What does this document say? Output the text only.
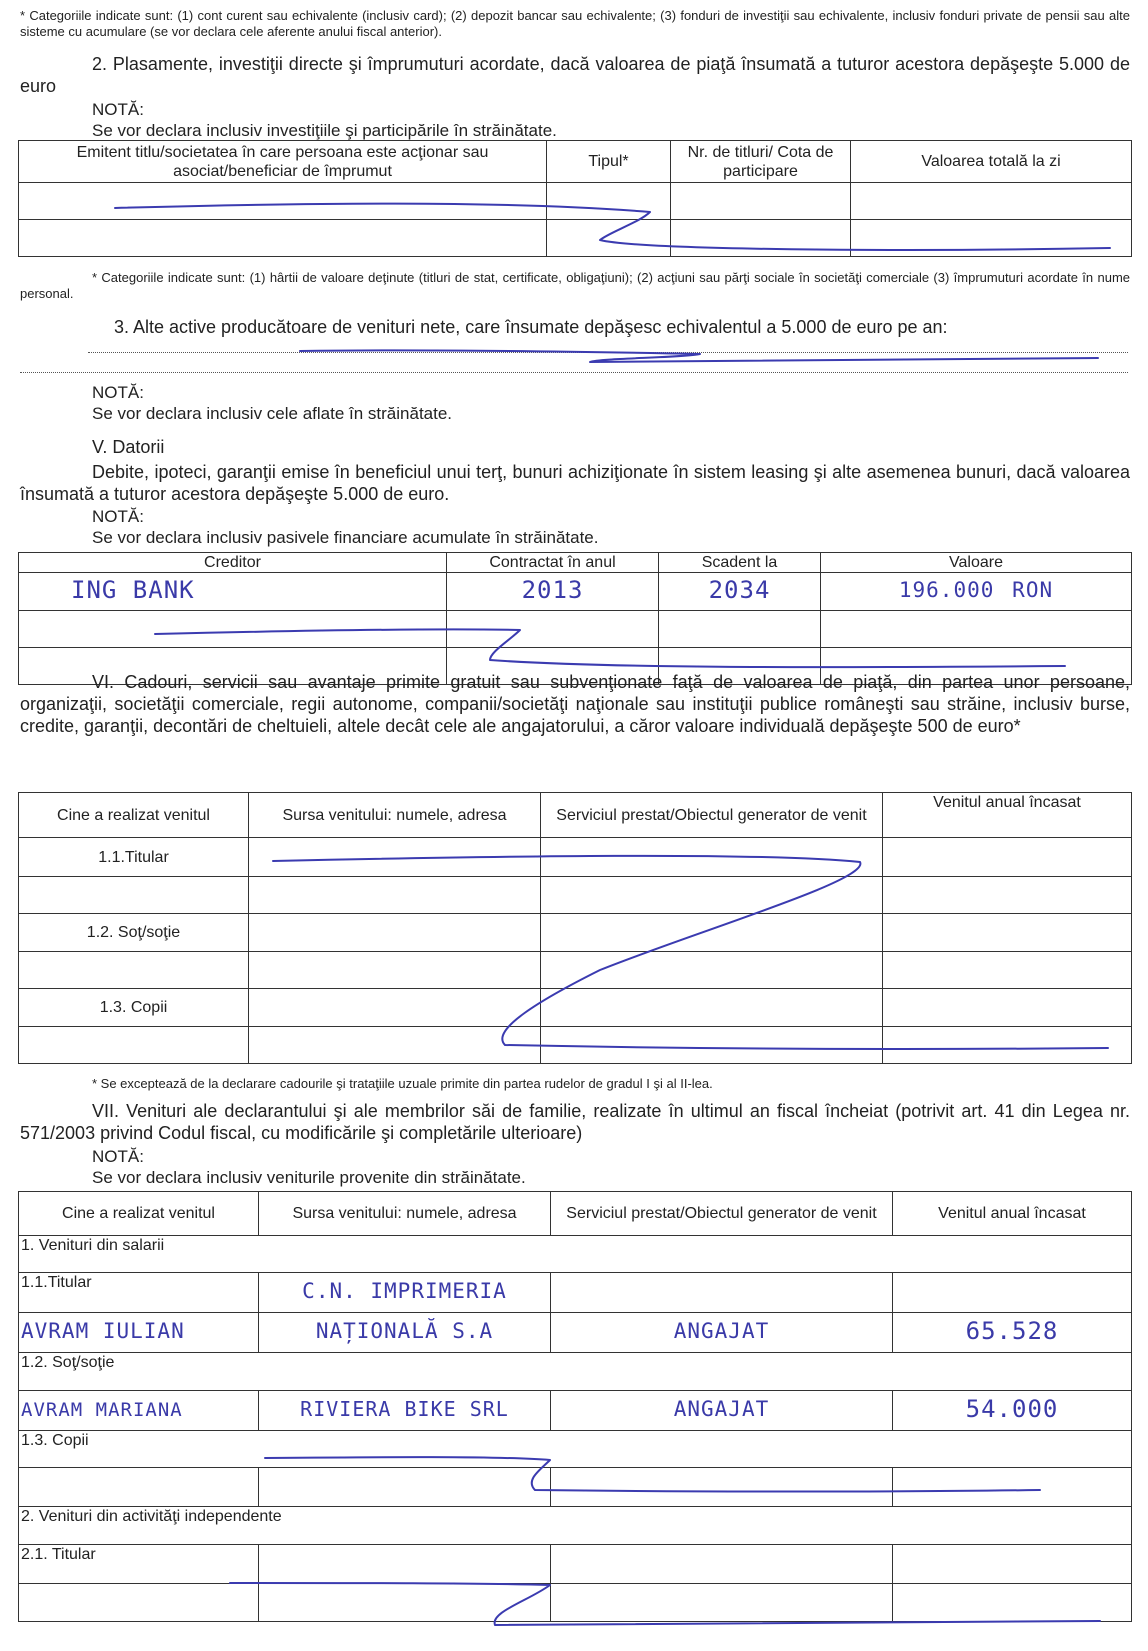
* Categoriile indicate sunt: (1) cont curent sau echivalente (inclusiv card); (2) depozit bancar sau echivalente; (3) fonduri de investiţii sau echivalente, inclusiv fonduri private de pensii sau alte sisteme cu acumulare (se vor declara cele aferente anului fiscal anterior).
2. Plasamente, investiţii directe şi împrumuturi acordate, dacă valoarea de piaţă însumată a tuturor acestora depăşeşte 5.000 de euro
NOTĂ:
Se vor declara inclusiv investiţiile şi participările în străinătate.
Emitent titlu/societatea în care persoana este acţionar sau asociat/beneficiar de împrumut	Tipul*	Nr. de titluri/ Cota de participare	Valoarea totală la zi

* Categoriile indicate sunt: (1) hârtii de valoare deţinute (titluri de stat, certificate, obligaţiuni); (2) acţiuni sau părţi sociale în societăţi comerciale (3) împrumuturi acordate în nume personal.
3. Alte active producătoare de venituri nete, care însumate depăşesc echivalentul a 5.000 de euro pe an:
NOTĂ:
Se vor declara inclusiv cele aflate în străinătate.
V. Datorii
Debite, ipoteci, garanţii emise în beneficiul unui terţ, bunuri achiziţionate în sistem leasing şi alte asemenea bunuri, dacă valoarea însumată a tuturor acestora depăşeşte 5.000 de euro.
NOTĂ:
Se vor declara inclusiv pasivele financiare acumulate în străinătate.
Creditor	Contractat în anul	Scadent la	Valoare
ING BANK	2013	2034	196.000 RON

VI. Cadouri, servicii sau avantaje primite gratuit sau subvenţionate faţă de valoarea de piaţă, din partea unor persoane, organizaţii, societăţii comerciale, regii autonome, companii/societăţi naţionale sau instituţii publice româneşti sau străine, inclusiv burse, credite, garanţii, decontări de cheltuieli, altele decât cele ale angajatorului, a căror valoare individuală depăşeşte 500 de euro*
Cine a realizat venitul	Sursa venitului: numele, adresa	Serviciul prestat/Obiectul generator de venit	Venitul anual încasat
1.1.Titular			

1.2. Soţ/soţie			

1.3. Copii			

* Se exceptează de la declarare cadourile şi trataţiile uzuale primite din partea rudelor de gradul I şi al II-lea.
VII. Venituri ale declarantului şi ale membrilor săi de familie, realizate în ultimul an fiscal încheiat (potrivit art. 41 din Legea nr. 571/2003 privind Codul fiscal, cu modificările şi completările ulterioare)
NOTĂ:
Se vor declara inclusiv veniturile provenite din străinătate.
Cine a realizat venitul	Sursa venitului: numele, adresa	Serviciul prestat/Obiectul generator de venit	Venitul anual încasat
1. Venituri din salarii			
1.1.Titular	C.N. IMPRIMERIA		
AVRAM IULIAN	NAȚIONALĂ S.A	ANGAJAT	65.528
1.2. Soţ/soţie			
AVRAM MARIANA	RIVIERA BIKE SRL	ANGAJAT	54.000
1.3. Copii			

2. Venituri din activităţi independente			
2.1. Titular			
